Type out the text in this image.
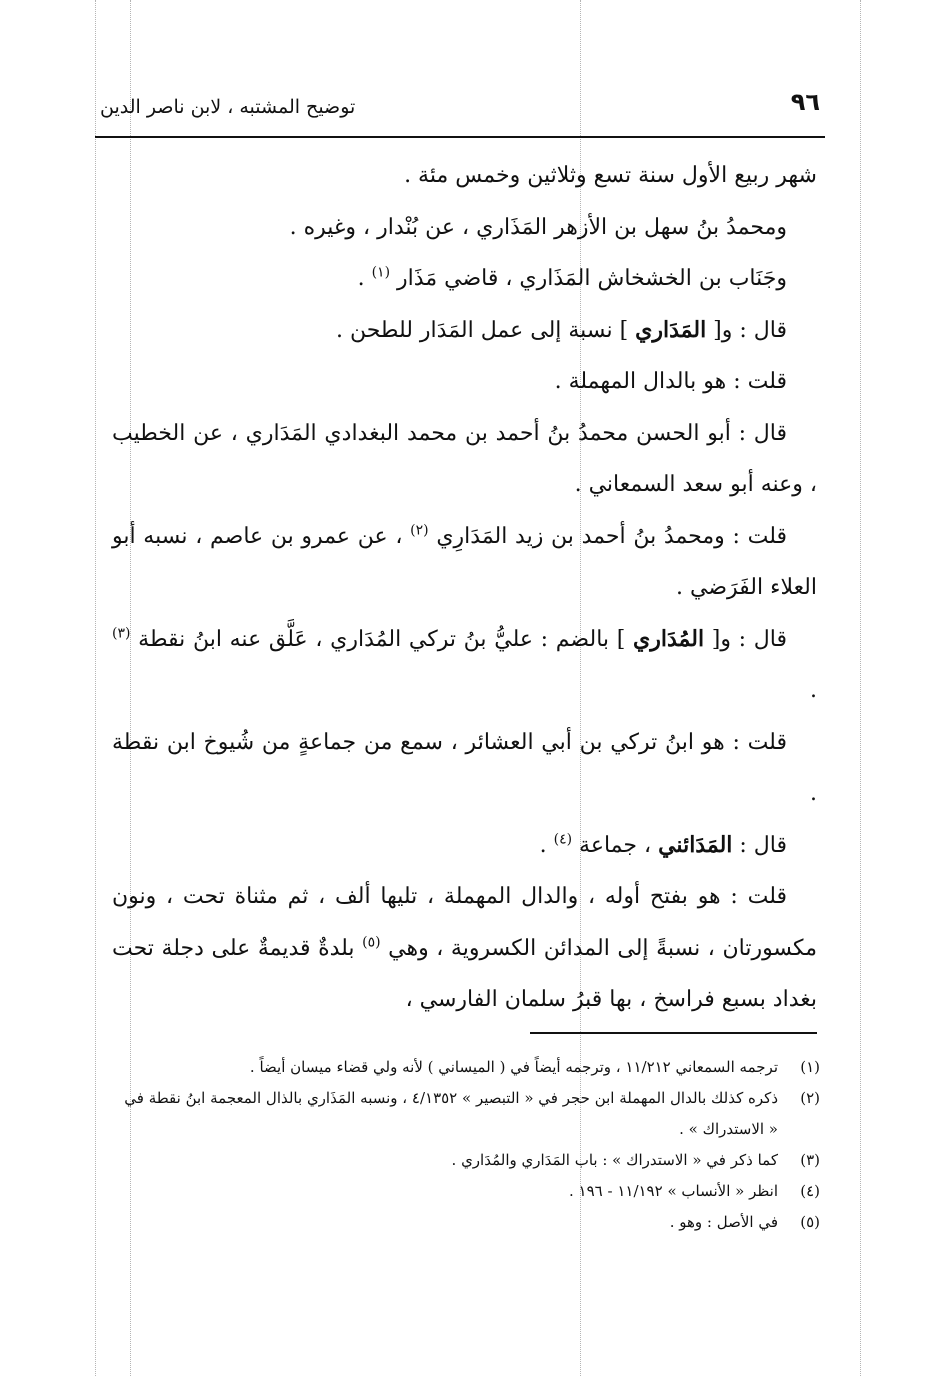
٩٦
توضيح المشتبه ، لابن ناصر الدين

شهر ربيع الأول سنة تسع وثلاثين وخمس مئة .

ومحمدُ بنُ سهل بن الأزهر المَذَاري ، عن بُنْدار ، وغيره .

وجَنَاب بن الخشخاش المَذَاري ، قاضي مَذَار $^{(١)}$ .

قال : و[ المَدَاري ] نسبة إلى عمل المَدَار للطحن .

قلت : هو بالدال المهملة .

قال : أبو الحسن محمدُ بنُ أحمد بن محمد البغدادي المَدَاري ، عن الخطيب ، وعنه أبو سعد السمعاني .

قلت : ومحمدُ بنُ أحمد بن زيد المَدَارِي $^{(٢)}$ ، عن عمرو بن عاصم ، نسبه أبو العلاء الفَرَضي .

قال : و[ المُدَاري ] بالضم : عليُّ بنُ تركي المُدَاري ، عَلَّق عنه ابنُ نقطة $^{(٣)}$ .

قلت : هو ابنُ تركي بن أبي العشائر ، سمع من جماعةٍ من شُيوخ ابن نقطة .

قال : المَدَائني ، جماعة $^{(٤)}$ .

قلت : هو بفتح أوله ، والدال المهملة ، تليها ألف ، ثم مثناة تحت ، ونون مكسورتان ، نسبةً إلى المدائن الكسروية ، وهي $^{(٥)}$ بلدةٌ قديمةٌ على دجلة تحت بغداد بسبع فراسخ ، بها قبرُ سلمان الفارسي ،

(١)
ترجمه السمعاني ١١/٢١٢ ، وترجمه أيضاً في ( الميساني ) لأنه ولي قضاء ميسان أيضاً .
(٢)
ذكره كذلك بالدال المهملة ابن حجر في « التبصير » ٤/١٣٥٢ ، ونسبه المَذَاري بالذال المعجمة ابنُ نقطة في « الاستدراك » .
(٣)
كما ذكر في « الاستدراك » : باب المَدَاري والمُدَاري .
(٤)
انظر « الأنساب » ١١/١٩٢ - ١٩٦ .
(٥)
في الأصل : وهو .
